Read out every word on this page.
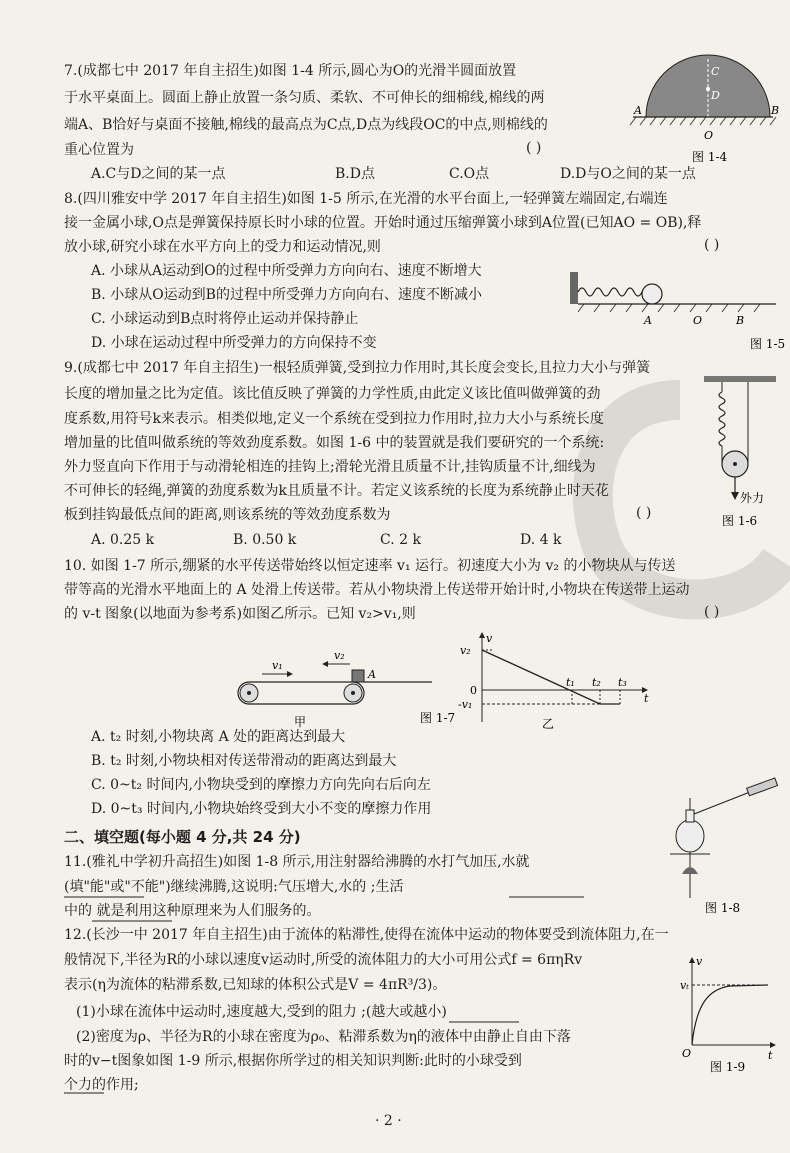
7.(成都七中 2017 年自主招生)如图 1-4 所示,圆心为O的光滑半圆面放置
于水平桌面上。圆面上静止放置一条匀质、柔软、不可伸长的细棉线,棉线的两
端A、B恰好与桌面不接触,棉线的最高点为C点,D点为线段OC的中点,则棉线的
重心位置为	( )
A.C与D之间的某一点	B.D点	C.O点	D.D与O之间的某一点
C
D
A	B
O
图 1-4
8.(四川雅安中学 2017 年自主招生)如图 1-5 所示,在光滑的水平台面上,一轻弹簧左端固定,右端连
接一金属小球,O点是弹簧保持原长时小球的位置。开始时通过压缩弹簧小球到A位置(已知AO = OB),释
放小球,研究小球在水平方向上的受力和运动情况,则	( )
A. 小球从A运动到O的过程中所受弹力方向向右、速度不断增大
B. 小球从O运动到B的过程中所受弹力方向向右、速度不断减小
C. 小球运动到B点时将停止运动并保持静止
D. 小球在运动过程中所受弹力的方向保持不变
A	O	B
图 1-5
9.(成都七中 2017 年自主招生)一根轻质弹簧,受到拉力作用时,其长度会变长,且拉力大小与弹簧
长度的增加量之比为定值。该比值反映了弹簧的力学性质,由此定义该比值叫做弹簧的劲
度系数,用符号k来表示。相类似地,定义一个系统在受到拉力作用时,拉力大小与系统长度
增加量的比值叫做系统的等效劲度系数。如图 1-6 中的装置就是我们要研究的一个系统:
外力竖直向下作用于与动滑轮相连的挂钩上;滑轮光滑且质量不计,挂钩质量不计,细线为
不可伸长的轻绳,弹簧的劲度系数为k且质量不计。若定义该系统的长度为系统静止时天花
板到挂钩最低点间的距离,则该系统的等效劲度系数为	( )
A. 0.25 k	B. 0.50 k	C. 2 k	D. 4 k
外力
图 1-6
10. 如图 1-7 所示,绷紧的水平传送带始终以恒定速率 v₁ 运行。初速度大小为 v₂ 的小物块从与传送
带等高的光滑水平地面上的 A 处滑上传送带。若从小物块滑上传送带开始计时,小物块在传送带上运动
的 v-t 图象(以地面为参考系)如图乙所示。已知 v₂>v₁,则	( )
v₁
v₂
A
甲
v
v₂
0
-v₁
t₁ t₂ t₃
t
乙
图 1-7
A. t₂ 时刻,小物块离 A 处的距离达到最大
B. t₂ 时刻,小物块相对传送带滑动的距离达到最大
C. 0~t₂ 时间内,小物块受到的摩擦力方向先向右后向左
D. 0~t₃ 时间内,小物块始终受到大小不变的摩擦力作用
二、填空题(每小题 4 分,共 24 分)
11.(雅礼中学初升高招生)如图 1-8 所示,用注射器给沸腾的水打气加压,水就
(填"能"或"不能")继续沸腾,这说明:气压增大,水的 ;生活
中的 就是利用这种原理来为人们服务的。	图 1-8
12.(长沙一中 2017 年自主招生)由于流体的粘滞性,使得在流体中运动的物体要受到流体阻力,在一
般情况下,半径为R的小球以速度v运动时,所受的流体阻力的大小可用公式f = 6πηRv
表示(η为流体的粘滞系数,已知球的体积公式是V = 4πR³/3)。
(1)小球在流体中运动时,速度越大,受到的阻力 ;(越大或越小)
(2)密度为ρ、半径为R的小球在密度为ρ₀、粘滞系数为η的液体中由静止自由下落
时的v−t图象如图 1-9 所示,根据你所学过的相关知识判断:此时的小球受到
个力的作用;
v
vₜ
O	t
图 1-9
· 2 ·
